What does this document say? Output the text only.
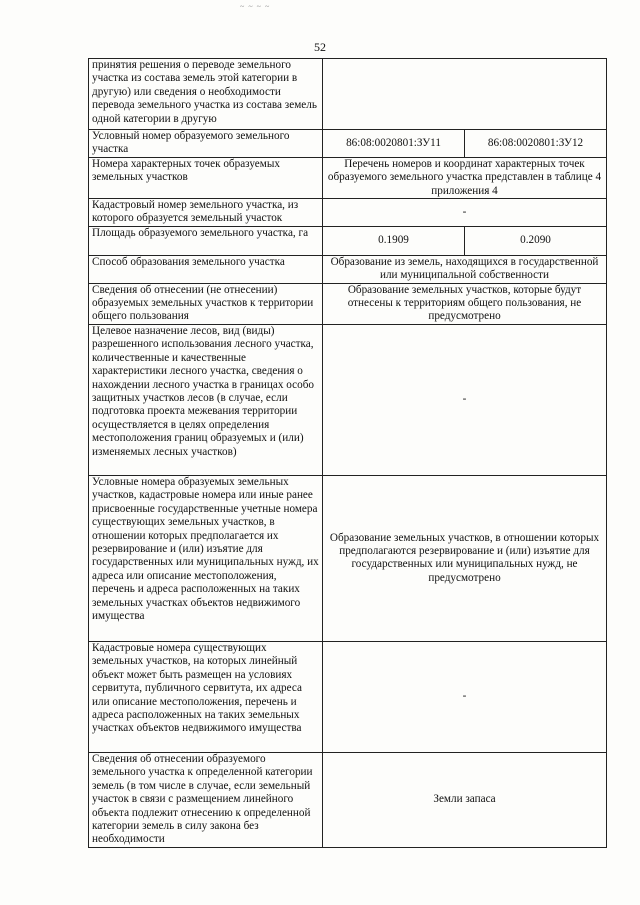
~ ~ ~ ~
52
принятия решения о переводе земельного участка из состава земель этой категории в другую) или сведения о необходимости перевода земельного участка из состава земель одной категории в другую		
Условный номер образуемого земельного участка	86:08:0020801:ЗУ11	86:08:0020801:ЗУ12
Номера характерных точек образуемых земельных участков	Перечень номеров и координат характерных точек образуемого земельного участка представлен в таблице 4 приложения 4	
Кадастровый номер земельного участка, из которого образуется земельный участок	-	
Площадь образуемого земельного участка, га	0.1909	0.2090
Способ образования земельного участка	Образование из земель, находящихся в государственной или муниципальной собственности	
Сведения об отнесении (не отнесении) образуемых земельных участков к территории общего пользования	Образование земельных участков, которые будут отнесены к территориям общего пользования, не предусмотрено	
Целевое назначение лесов, вид (виды) разрешенного использования лесного участка, количественные и качественные характеристики лесного участка, сведения о нахождении лесного участка в границах особо защитных участков лесов (в случае, если подготовка проекта межевания территории осуществляется в целях определения местоположения границ образуемых и (или) изменяемых лесных участков)	-	
Условные номера образуемых земельных участков, кадастровые номера или иные ранее присвоенные государственные учетные номера существующих земельных участков, в отношении которых предполагается их резервирование и (или) изъятие для государственных или муниципальных нужд, их адреса или описание местоположения, перечень и адреса расположенных на таких земельных участках объектов недвижимого имущества	Образование земельных участков, в отношении которых предполагаются резервирование и (или) изъятие для государственных или муниципальных нужд, не предусмотрено	
Кадастровые номера существующих земельных участков, на которых линейный объект может быть размещен на условиях сервитута, публичного сервитута, их адреса или описание местоположения, перечень и адреса расположенных на таких земельных участках объектов недвижимого имущества	-	
Сведения об отнесении образуемого земельного участка к определенной категории земель (в том числе в случае, если земельный участок в связи с размещением линейного объекта подлежит отнесению к определенной категории земель в силу закона без необходимости	Земли запаса	
